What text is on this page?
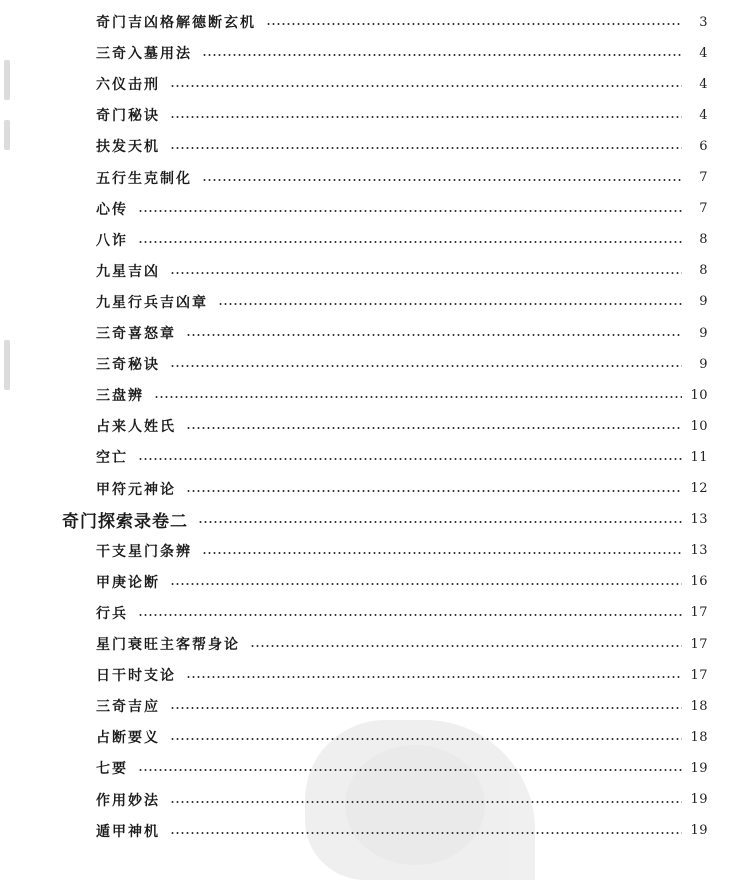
奇门吉凶格解德断玄机	3
三奇入墓用法	4
六仪击刑	4
奇门秘诀	4
扶发天机	6
五行生克制化	7
心传	7
八诈	8
九星吉凶	8
九星行兵吉凶章	9
三奇喜怒章	9
三奇秘诀	9
三盘辨	10
占来人姓氏	10
空亡	11
甲符元神论	12
奇门探索录卷二	13
干支星门条辨	13
甲庚论断	16
行兵	17
星门衰旺主客帮身论	17
日干时支论	17
三奇吉应	18
占断要义	18
七要	19
作用妙法	19
遁甲神机	19
